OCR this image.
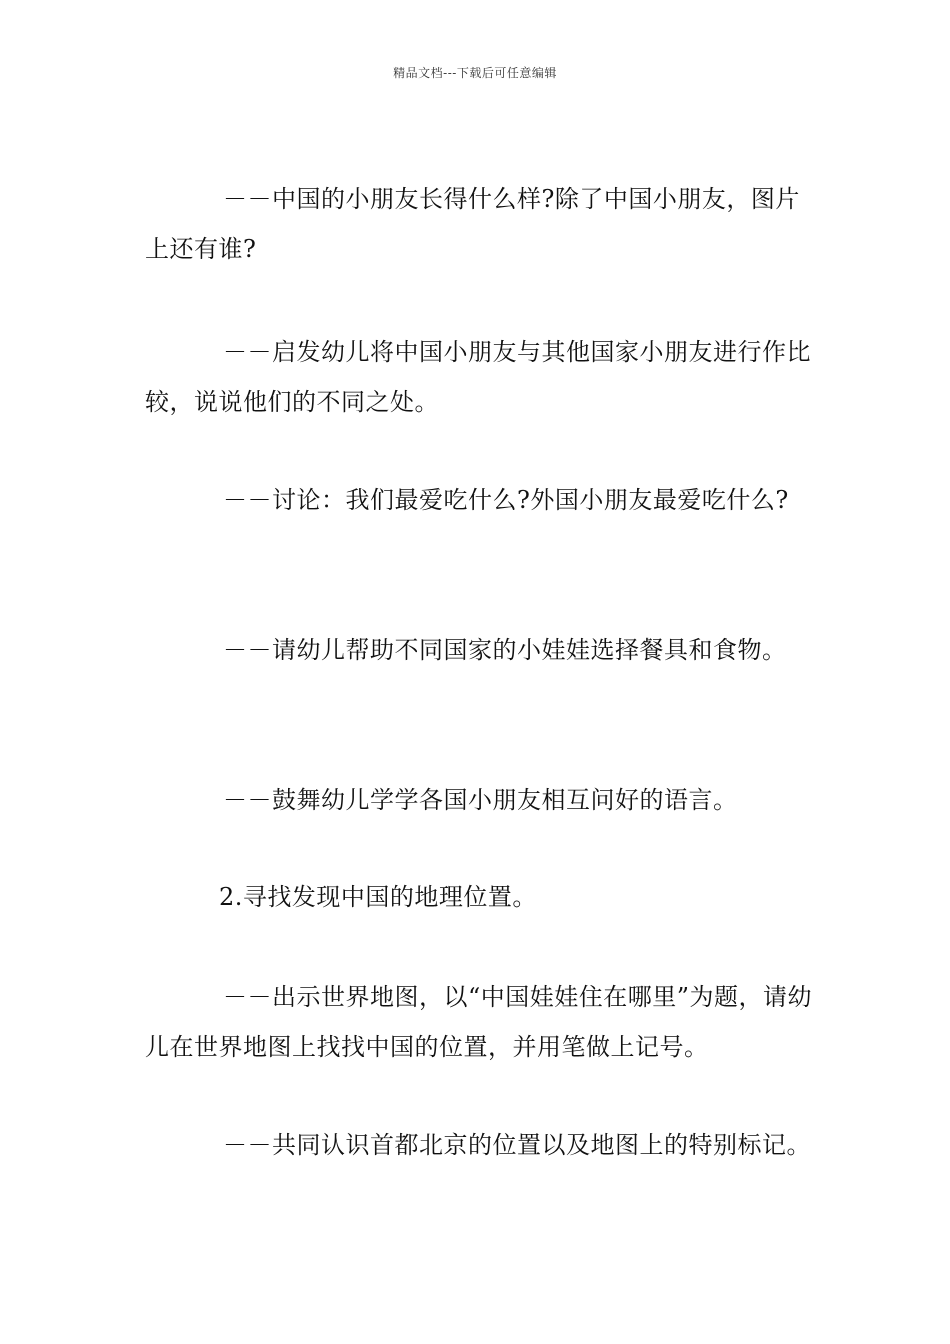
精品文档---下载后可任意编辑

－－中国的小朋友长得什么样?除了中国小朋友，图片上还有谁?

－－启发幼儿将中国小朋友与其他国家小朋友进行作比较，说说他们的不同之处。

－－讨论：我们最爱吃什么?外国小朋友最爱吃什么?

－－请幼儿帮助不同国家的小娃娃选择餐具和食物。

－－鼓舞幼儿学学各国小朋友相互问好的语言。

2.寻找发现中国的地理位置。

－－出示世界地图，以“中国娃娃住在哪里”为题，请幼儿在世界地图上找找中国的位置，并用笔做上记号。

－－共同认识首都北京的位置以及地图上的特别标记。
